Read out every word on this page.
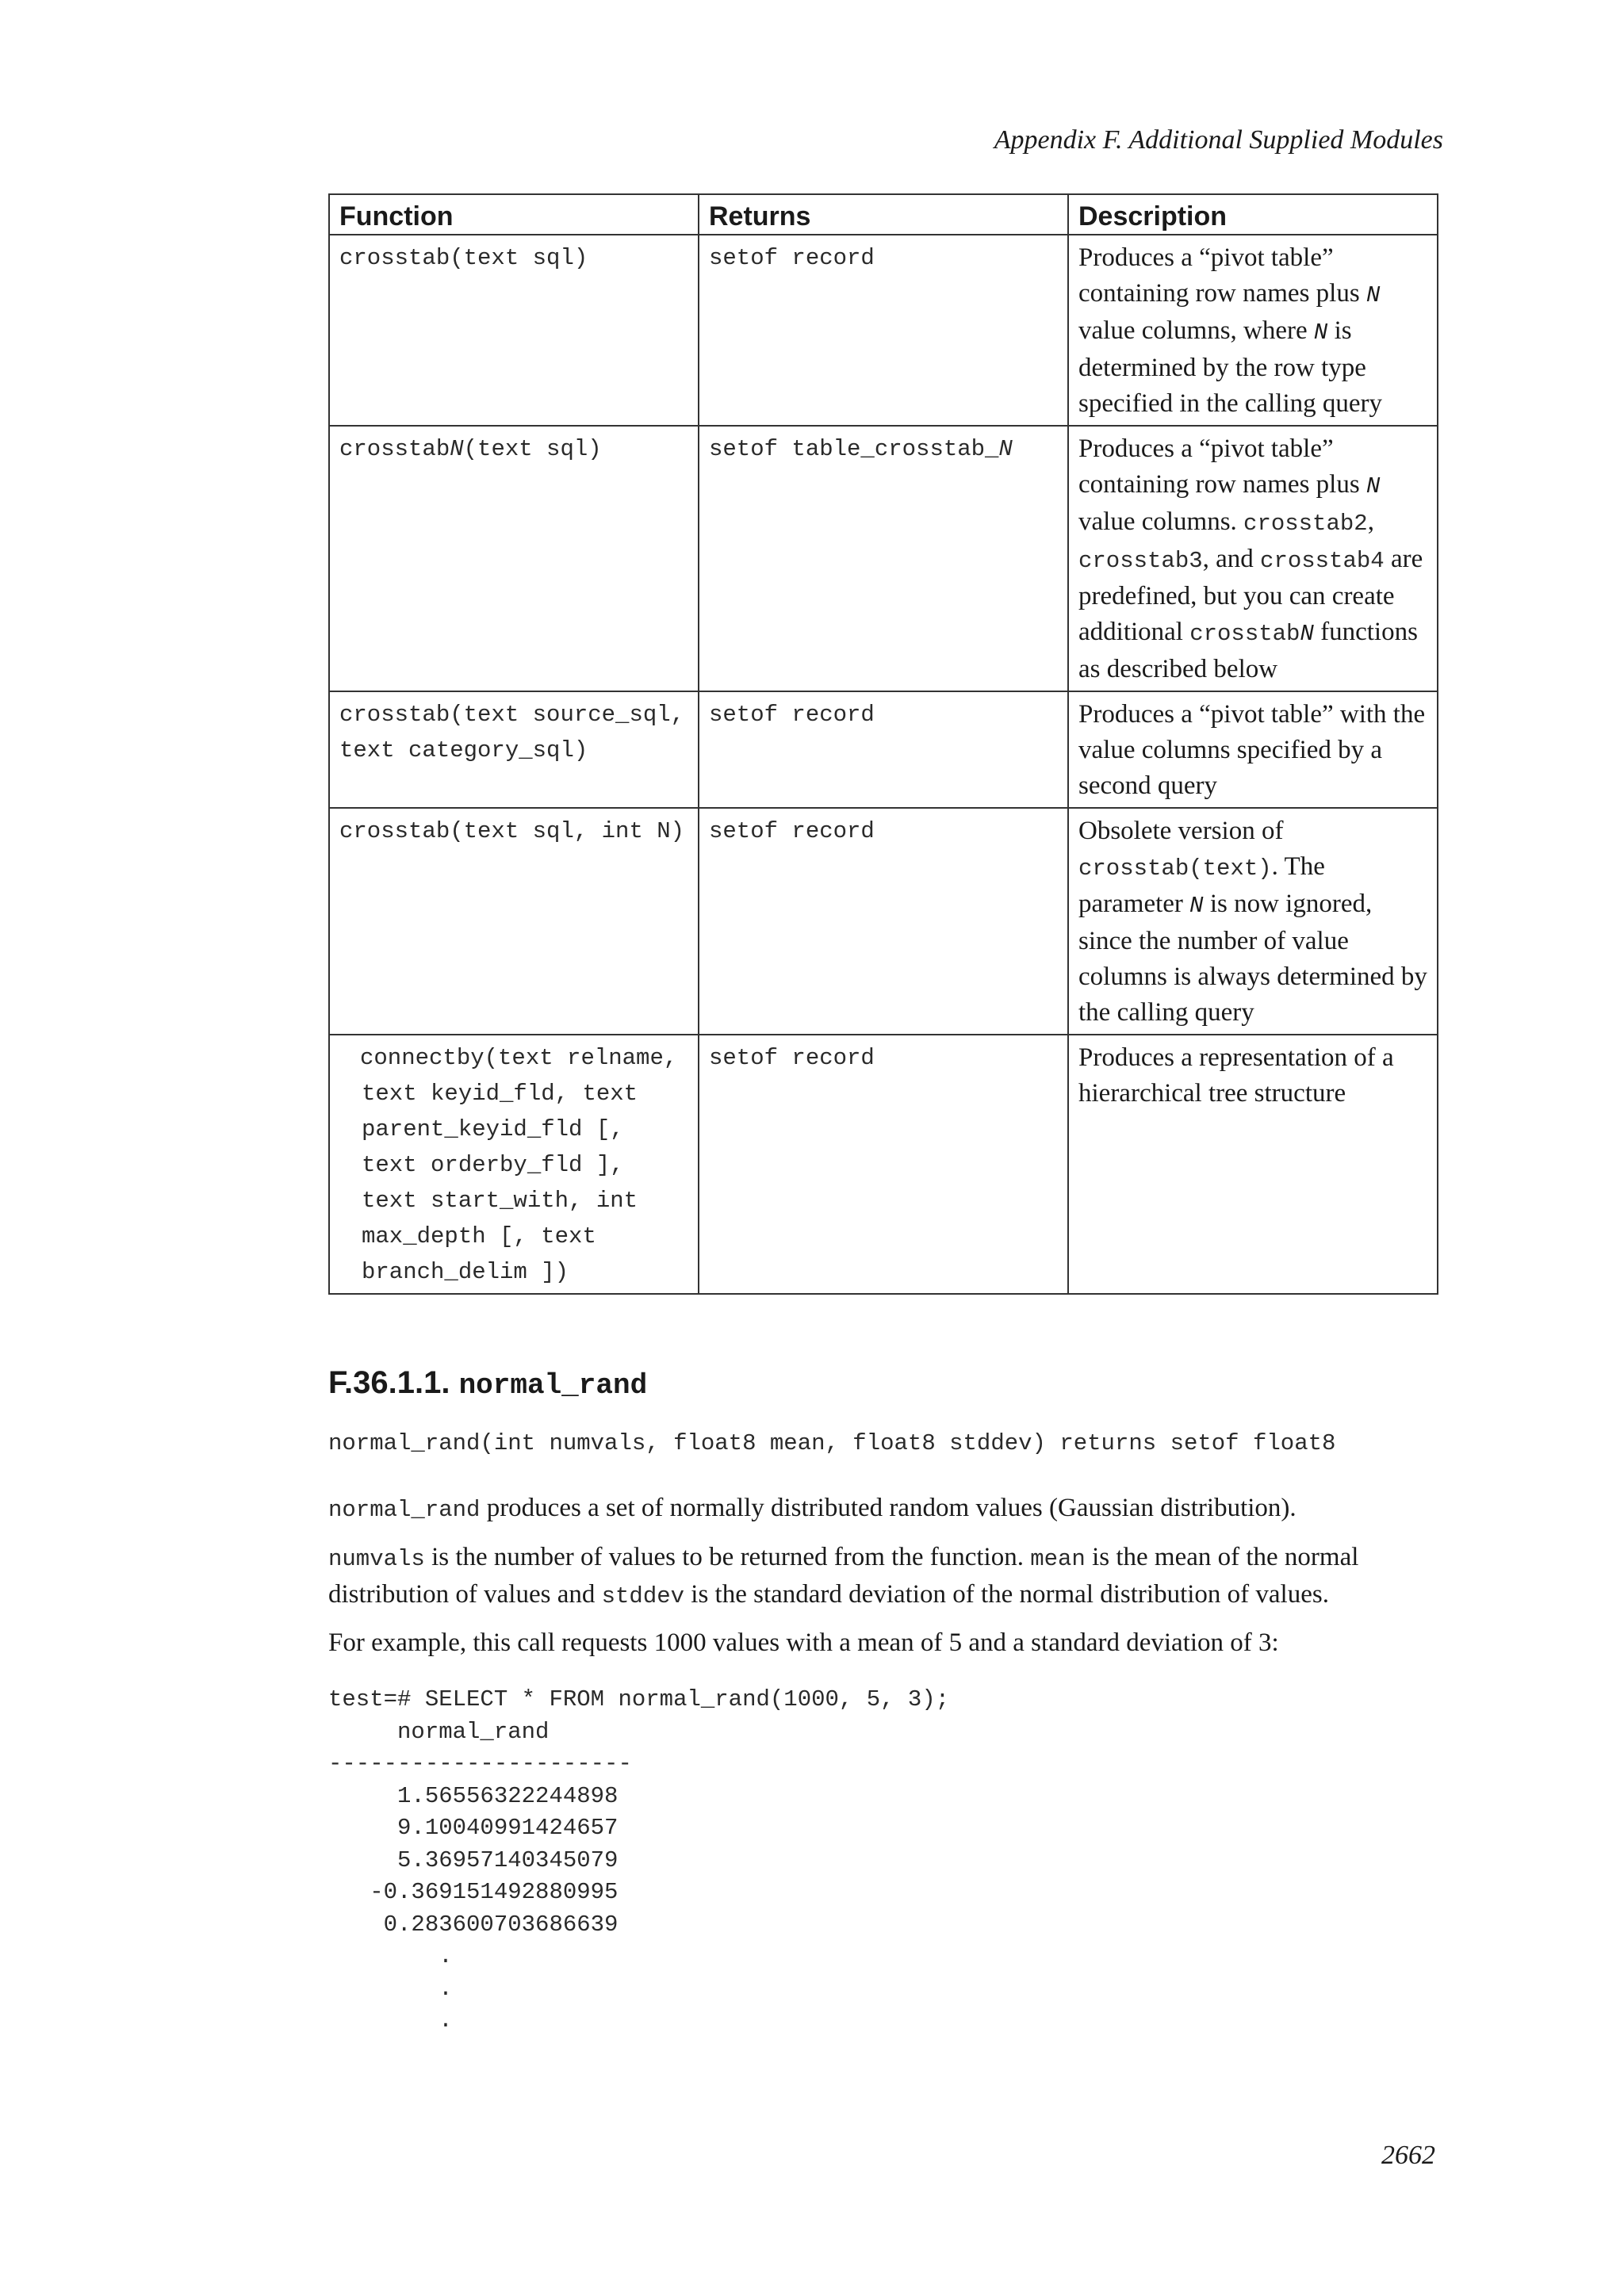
Appendix F. Additional Supplied Modules
Function	Returns	Description
crosstab(text sql)	setof record	Produces a “pivot table” containing row names plus N value columns, where N is determined by the row type specified in the calling query
crosstabN(text sql)	setof table_crosstab_N	Produces a “pivot table” containing row names plus N value columns. crosstab2, crosstab3, and crosstab4 are predefined, but you can create additional crosstabN functions as described below
crosstab(text source_sql, text category_sql)	setof record	Produces a “pivot table” with the value columns specified by a second query
crosstab(text sql, int N)	setof record	Obsolete version of crosstab(text). The parameter N is now ignored, since the number of value columns is always determined by the calling query
connectby(text relname, text keyid_fld, text parent_keyid_fld [, text orderby_fld ], text start_with, int max_depth [, text branch_delim ])	setof record	Produces a representation of a hierarchical tree structure
F.36.1.1. normal_rand
normal_rand(int numvals, float8 mean, float8 stddev) returns setof float8
normal_rand produces a set of normally distributed random values (Gaussian distribution).
numvals is the number of values to be returned from the function. mean is the mean of the normal distribution of values and stddev is the standard deviation of the normal distribution of values.
For example, this call requests 1000 values with a mean of 5 and a standard deviation of 3:
test=# SELECT * FROM normal_rand(1000, 5, 3);
normal_rand
----------------------
1.56556322244898
9.10040991424657
5.36957140345079
-0.369151492880995
0.283600703686639
.
.
.
2662
